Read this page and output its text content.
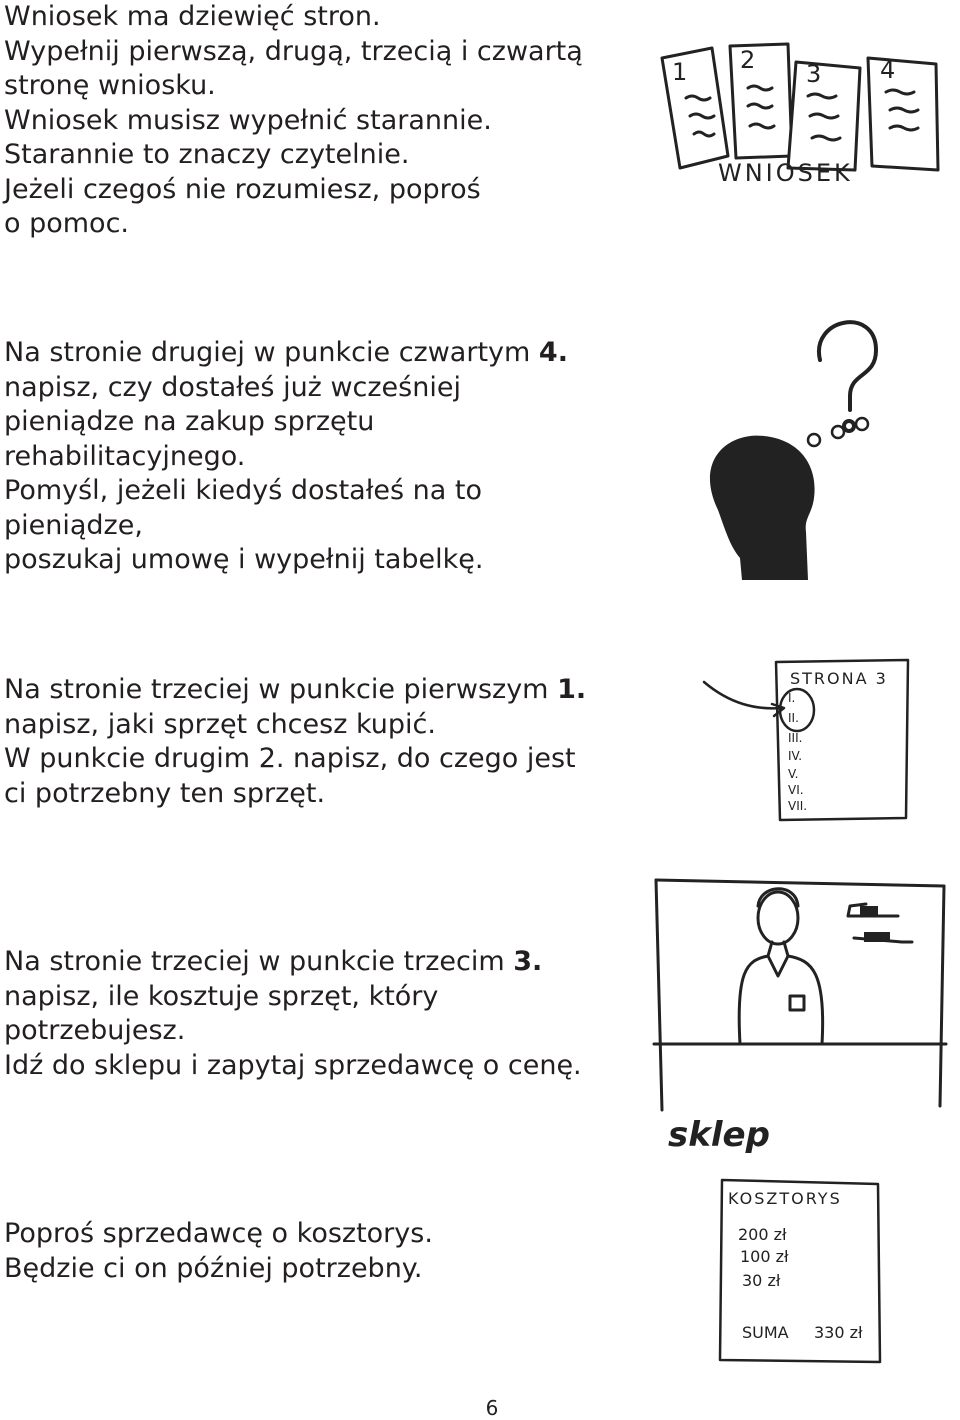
Wniosek ma dziewięć stron.

Wypełnij pierwszą, drugą, trzecią i czwartą

stronę wniosku.

Wniosek musisz wypełnić starannie.

Starannie to znaczy czytelnie.

Jeżeli czegoś nie rozumiesz, poproś

o pomoc.

Na stronie drugiej w punkcie czwartym 4.

napisz, czy dostałeś już wcześniej

pieniądze na zakup sprzętu

rehabilitacyjnego.

Pomyśl, jeżeli kiedyś dostałeś na to

pieniądze,

poszukaj umowę i wypełnij tabelkę.

Na stronie trzeciej w punkcie pierwszym 1.

napisz, jaki sprzęt chcesz kupić.

W punkcie drugim 2. napisz, do czego jest

ci potrzebny ten sprzęt.

Na stronie trzeciej w punkcie trzecim 3.

napisz, ile kosztuje sprzęt, który

potrzebujesz.

Idź do sklepu i zapytaj sprzedawcę o cenę.

Poproś sprzedawcę o kosztorys.

Będzie ci on później potrzebny.

1 2 3 4
WNIOSEK
STRONA 3
I.
II.
III.
IV.
V.
VI.
VII.
sklep
KOSZTORYS
200 zł
100 zł
30 zł
SUMA 330 zł
?
6
